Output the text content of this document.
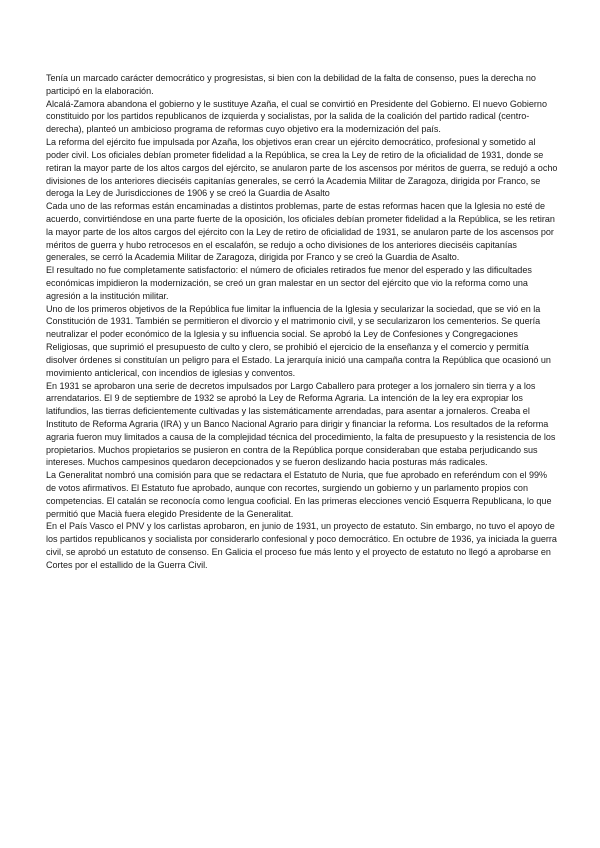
Tenía un marcado carácter democrático y progresistas, si bien con la debilidad de la falta de consenso, pues la derecha no participó en la elaboración.

Alcalá-Zamora abandona el gobierno y le sustituye Azaña, el cual se convirtió en Presidente del Gobierno. El nuevo Gobierno constituido por los partidos republicanos de izquierda y socialistas, por la salida de la coalición del partido radical (centro-derecha), planteó un ambicioso programa de reformas cuyo objetivo era la modernización del país.

La reforma del ejército fue impulsada por Azaña, los objetivos eran crear un ejército democrático, profesional y sometido al poder civil. Los oficiales debían prometer fidelidad a la República, se crea la Ley de retiro de la oficialidad de 1931, donde se retiran la mayor parte de los altos cargos del ejército, se anularon parte de los ascensos por méritos de guerra, se redujó a ocho divisiones de los anteriores dieciséis capitanías generales, se cerró la Academia Militar de Zaragoza, dirigida por Franco, se deroga la Ley de Jurisdicciones de 1906 y se creó la Guardia de Asalto

Cada uno de las reformas están encaminadas a distintos problemas, parte de estas reformas hacen que la Iglesia no esté de acuerdo, convirtiéndose en una parte fuerte de la oposición, los oficiales debían prometer fidelidad a la República, se les retiran la mayor parte de los altos cargos del ejército con la Ley de retiro de oficialidad de 1931, se anularon parte de los ascensos por méritos de guerra y hubo retrocesos en el escalafón, se redujo a ocho divisiones de los anteriores dieciséis capitanías generales, se cerró la Academia Militar de Zaragoza, dirigida por Franco y se creó la Guardia de Asalto.

El resultado no fue completamente satisfactorio: el número de oficiales retirados fue menor del esperado y las dificultades económicas impidieron la modernización, se creó un gran malestar en un sector del ejército que vio la reforma como una agresión a la institución militar.

Uno de los primeros objetivos de la República fue limitar la influencia de la Iglesia y secularizar la sociedad, que se vió en la Constitución de 1931. También se permitieron el divorcio y el matrimonio civil, y se secularizaron los cementerios. Se quería neutralizar el poder económico de la Iglesia y su influencia social. Se aprobó la Ley de Confesiones y Congregaciones Religiosas, que suprimió el presupuesto de culto y clero, se prohibió el ejercicio de la enseñanza y el comercio y permitía disolver órdenes si constituían un peligro para el Estado. La jerarquía inició una campaña contra la República que ocasionó un movimiento anticlerical, con incendios de iglesias y conventos.

En 1931 se aprobaron una serie de decretos impulsados por Largo Caballero para proteger a los jornalero sin tierra y a los arrendatarios. El 9 de septiembre de 1932 se aprobó la Ley de Reforma Agraria. La intención de la ley era expropiar los latifundios, las tierras deficientemente cultivadas y las sistemáticamente arrendadas, para asentar a jornaleros. Creaba el Instituto de Reforma Agraria (IRA) y un Banco Nacional Agrario para dirigir y financiar la reforma. Los resultados de la reforma agraria fueron muy limitados a causa de la complejidad técnica del procedimiento, la falta de presupuesto y la resistencia de los propietarios. Muchos propietarios se pusieron en contra de la República porque consideraban que estaba perjudicando sus intereses. Muchos campesinos quedaron decepcionados y se fueron deslizando hacia posturas más radicales.

La Generalitat nombró una comisión para que se redactara el Estatuto de Nuria, que fue aprobado en referéndum con el 99% de votos afirmativos. El Estatuto fue aprobado, aunque con recortes, surgiendo un gobierno y un parlamento propios con competencias. El catalán se reconocía como lengua cooficial. En las primeras elecciones venció Esquerra Republicana, lo que permitió que Macià fuera elegido Presidente de la Generalitat.

En el País Vasco el PNV y los carlistas aprobaron, en junio de 1931, un proyecto de estatuto. Sin embargo, no tuvo el apoyo de los partidos republicanos y socialista por considerarlo confesional y poco democrático. En octubre de 1936, ya iniciada la guerra civil, se aprobó un estatuto de consenso. En Galicia el proceso fue más lento y el proyecto de estatuto no llegó a aprobarse en Cortes por el estallido de la Guerra Civil.
